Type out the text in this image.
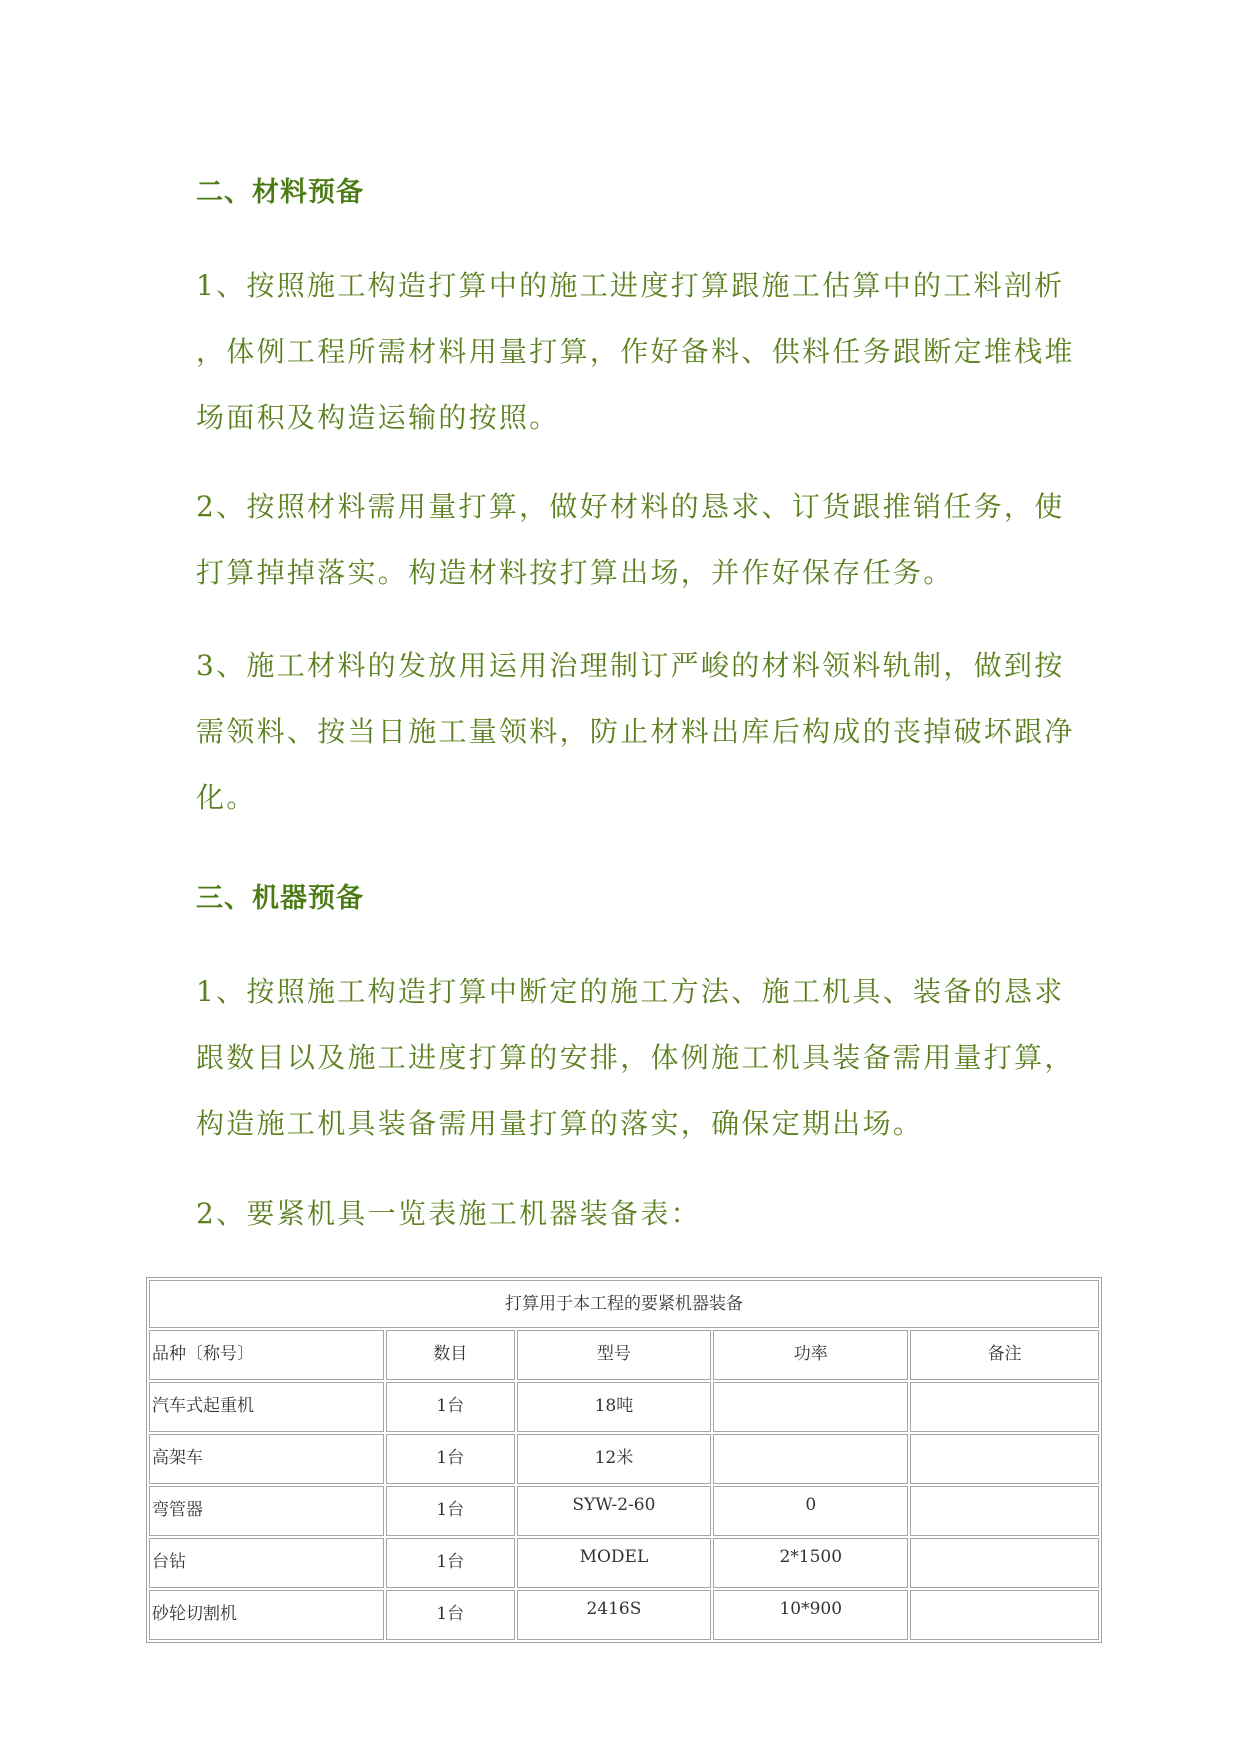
二、材料预备

1、按照施工构造打算中的施工进度打算跟施工估算中的工料剖析

，体例工程所需材料用量打算，作好备料、供料任务跟断定堆栈堆

场面积及构造运输的按照。

2、按照材料需用量打算，做好材料的恳求、订货跟推销任务，使

打算掉掉落实。构造材料按打算出场，并作好保存任务。

3、施工材料的发放用运用治理制订严峻的材料领料轨制，做到按

需领料、按当日施工量领料，防止材料出库后构成的丧掉破坏跟净

化。

三、机器预备

1、按照施工构造打算中断定的施工方法、施工机具、装备的恳求

跟数目以及施工进度打算的安排，体例施工机具装备需用量打算，

构造施工机具装备需用量打算的落实，确保定期出场。

2、要紧机具一览表施工机器装备表：

打算用于本工程的要紧机器装备				
品种〔称号〕	数目	型号	功率	备注
汽车式起重机	1台	18吨		
高架车	1台	12米		
弯管器	1台	SYW-2-60	0	
台钻	1台	MODEL	2*1500	
砂轮切割机	1台	2416S	10*900	
